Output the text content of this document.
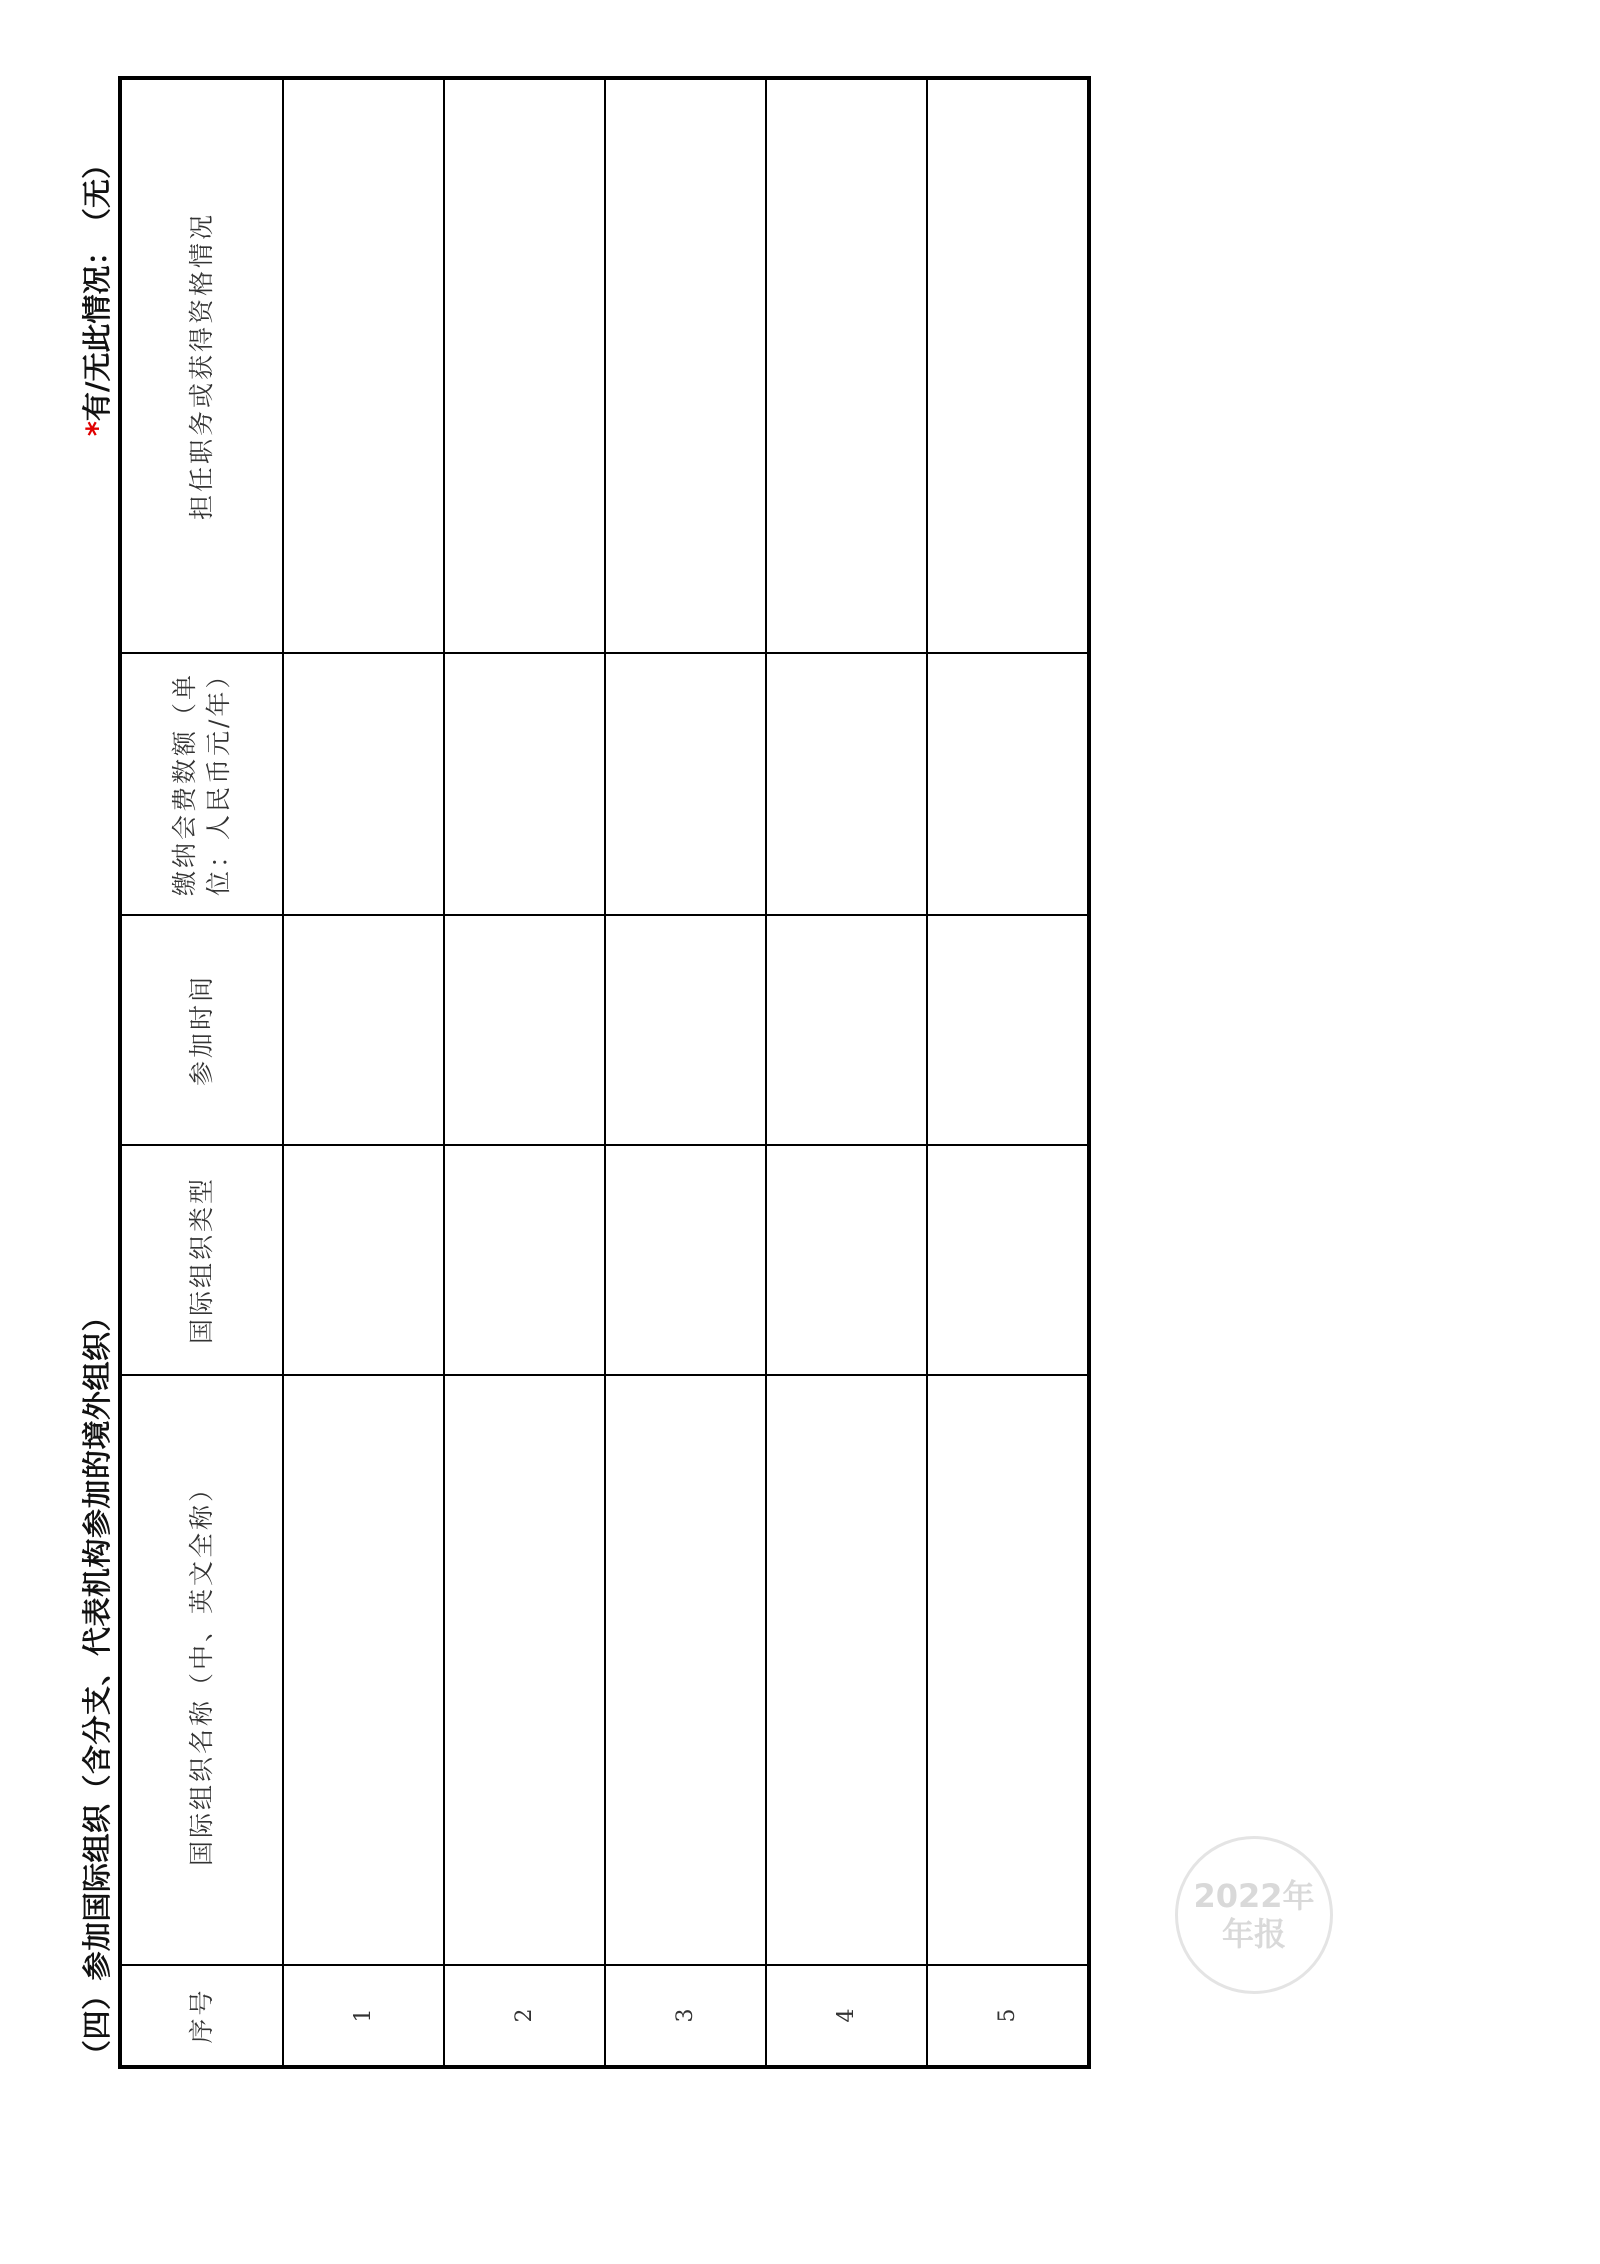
（四）参加国际组织（含分支、代表机构参加的境外组织）
*有/无此情况：（无）
序号	国际组织名称（中、英文全称）	国际组织类型	参加时间	缴纳会费数额（单位：人民币元/年）	担任职务或获得资格情况
1					
2					
3					
4					
5					
2022年
年报
